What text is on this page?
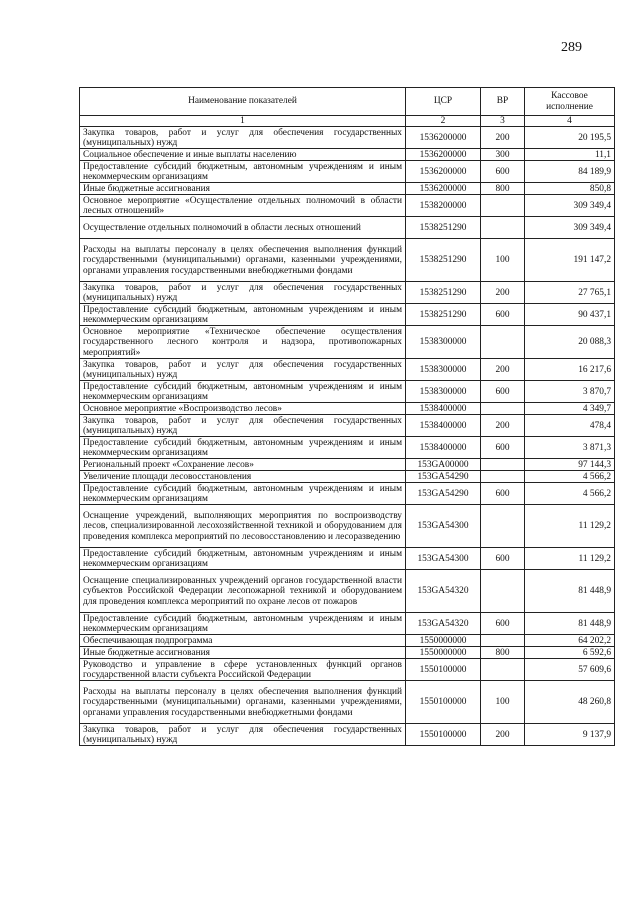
289
Наименование показателей	ЦСР	ВР	Кассовое исполнение
1	2	3	4
Закупка товаров, работ и услуг для обеспечения государственных (муниципальных) нужд	1536200000	200	20 195,5
Социальное обеспечение и иные выплаты населению	1536200000	300	11,1
Предоставление субсидий бюджетным, автономным учреждениям и иным некоммерческим организациям	1536200000	600	84 189,9
Иные бюджетные ассигнования	1536200000	800	850,8
Основное мероприятие «Осуществление отдельных полномочий в области лесных отношений»	1538200000		309 349,4
Осуществление отдельных полномочий в области лесных отношений	1538251290		309 349,4
Расходы на выплаты персоналу в целях обеспечения выполнения функций государственными (муниципальными) органами, казенными учреждениями, органами управления государственными внебюджетными фондами	1538251290	100	191 147,2
Закупка товаров, работ и услуг для обеспечения государственных (муниципальных) нужд	1538251290	200	27 765,1
Предоставление субсидий бюджетным, автономным учреждениям и иным некоммерческим организациям	1538251290	600	90 437,1
Основное мероприятие «Техническое обеспечение осуществления государственного лесного контроля и надзора, противопожарных мероприятий»	1538300000		20 088,3
Закупка товаров, работ и услуг для обеспечения государственных (муниципальных) нужд	1538300000	200	16 217,6
Предоставление субсидий бюджетным, автономным учреждениям и иным некоммерческим организациям	1538300000	600	3 870,7
Основное мероприятие «Воспроизводство лесов»	1538400000		4 349,7
Закупка товаров, работ и услуг для обеспечения государственных (муниципальных) нужд	1538400000	200	478,4
Предоставление субсидий бюджетным, автономным учреждениям и иным некоммерческим организациям	1538400000	600	3 871,3
Региональный проект «Сохранение лесов»	153GA00000		97 144,3
Увеличение площади лесовосстановления	153GA54290		4 566,2
Предоставление субсидий бюджетным, автономным учреждениям и иным некоммерческим организациям	153GA54290	600	4 566,2
Оснащение учреждений, выполняющих мероприятия по воспроизводству лесов, специализированной лесохозяйственной техникой и оборудованием для проведения комплекса мероприятий по лесовосстановлению и лесоразведению	153GA54300		11 129,2
Предоставление субсидий бюджетным, автономным учреждениям и иным некоммерческим организациям	153GA54300	600	11 129,2
Оснащение специализированных учреждений органов государственной власти субъектов Российской Федерации лесопожарной техникой и оборудованием для проведения комплекса мероприятий по охране лесов от пожаров	153GA54320		81 448,9
Предоставление субсидий бюджетным, автономным учреждениям и иным некоммерческим организациям	153GA54320	600	81 448,9
Обеспечивающая подпрограмма	1550000000		64 202,2
Иные бюджетные ассигнования	1550000000	800	6 592,6
Руководство и управление в сфере установленных функций органов государственной власти субъекта Российской Федерации	1550100000		57 609,6
Расходы на выплаты персоналу в целях обеспечения выполнения функций государственными (муниципальными) органами, казенными учреждениями, органами управления государственными внебюджетными фондами	1550100000	100	48 260,8
Закупка товаров, работ и услуг для обеспечения государственных (муниципальных) нужд	1550100000	200	9 137,9
